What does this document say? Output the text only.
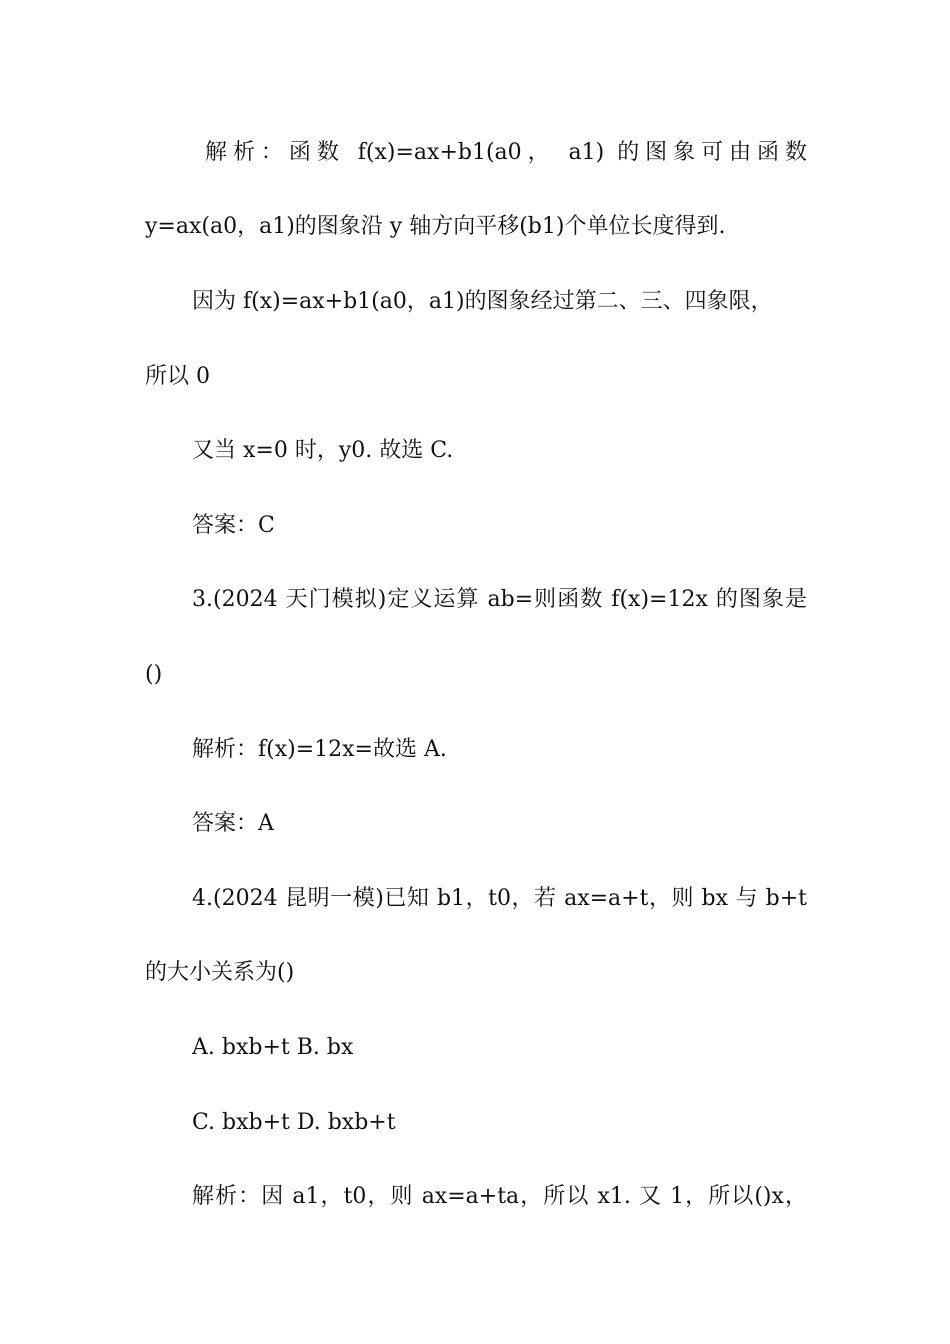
解析：函数 f(x)=ax+b1(a0， a1) 的图象可由函数
y=ax(a0，a1)的图象沿 y 轴方向平移(b1)个单位长度得到.
因为 f(x)=ax+b1(a0，a1)的图象经过第二、三、四象限，
所以 0
又当 x=0 时，y0. 故选 C.
答案：C
3.(2024 天门模拟)定义运算 ab=则函数 f(x)=12x 的图象是
()
解析：f(x)=12x=故选 A.
答案：A
4.(2024 昆明一模)已知 b1，t0，若 ax=a+t，则 bx 与 b+t
的大小关系为()
A. bxb+t B. bx
C. bxb+t D. bxb+t
解析：因 a1，t0，则 ax=a+ta，所以 x1. 又 1，所以()x，
